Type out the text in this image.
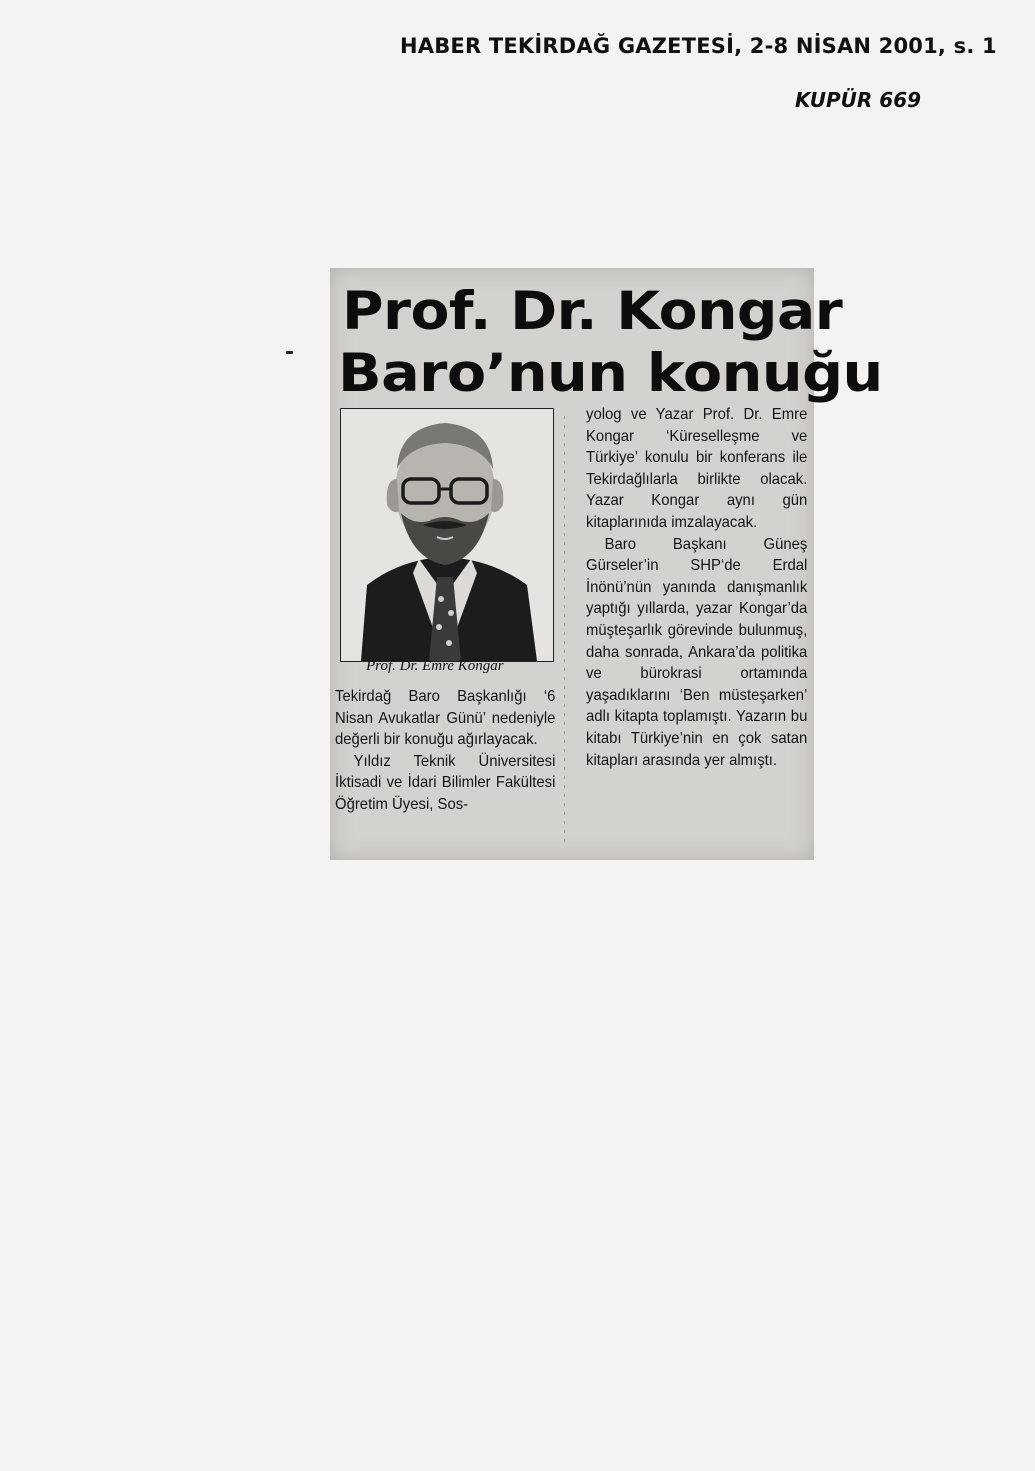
HABER TEKİRDAĞ GAZETESİ, 2-8 NİSAN 2001, s. 1
KUPÜR 669
Prof. Dr. Kongar
Baro’nun konuğu
Prof. Dr. Emre Kongar

Tekirdağ Baro Başkanlığı ‘6 Nisan Avukatlar Günü’ nedeniyle değerli bir konuğu ağırlayacak.

Yıldız Teknik Üniversitesi İktisadi ve İdari Bilimler Fakültesi Öğretim Üyesi, Sos-

yolog ve Yazar Prof. Dr. Emre Kongar ‘Küreselleşme ve Türkiye’ konulu bir konferans ile Tekirdağlılarla birlikte olacak. Yazar Kongar aynı gün kitaplarınıda imzalayacak.

Baro Başkanı Güneş Gürseler’in SHP‘de Erdal İnönü’nün yanında danışmanlık yaptığı yıllarda, yazar Kongar’da müşteşarlık görevinde bulunmuş, daha sonrada, Ankara’da politika ve bürokrasi ortamında yaşadıklarını ‘Ben müsteşarken’ adlı kitapta toplamıştı. Yazarın bu kitabı Türkiye’nin en çok satan kitapları arasında yer almıştı.
